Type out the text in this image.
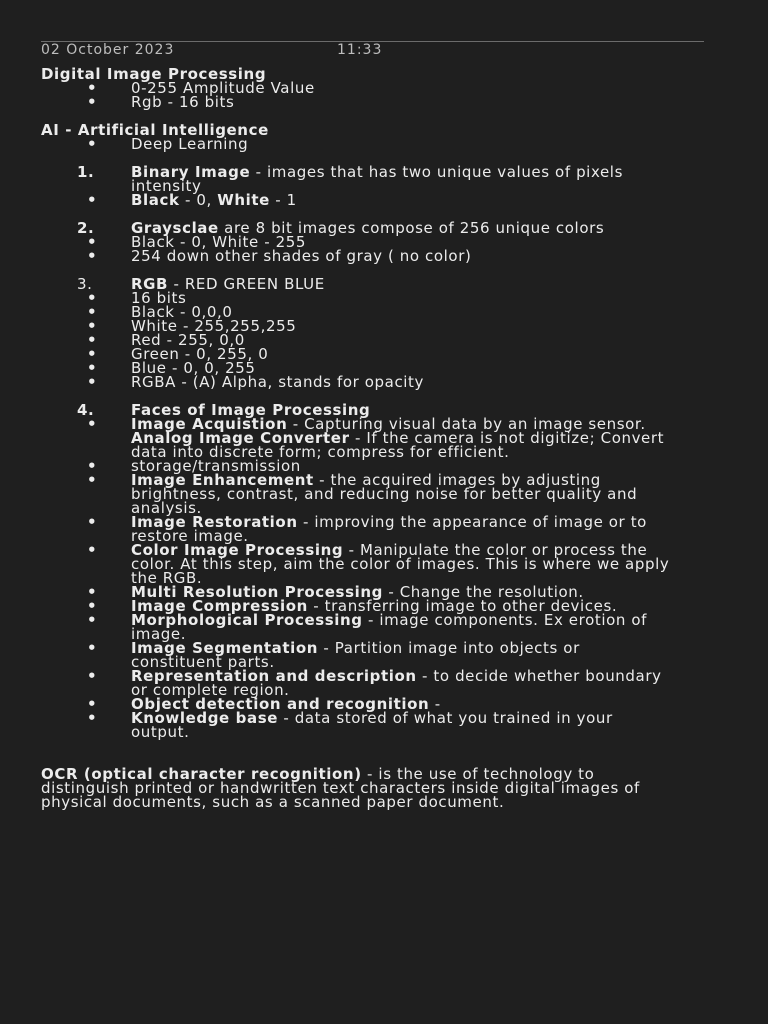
02 October 2023	11:33

Digital Image Processing

• 0-255 Amplitude Value
• Rgb - 16 bits

AI - Artificial Intelligence

• Deep Learning
1. Binary Image - images that has two unique values of pixels intensity
• Black - 0, White - 1
2. Graysclae are 8 bit images compose of 256 unique colors
• Black - 0, White - 255
• 254 down other shades of gray ( no color)
3.	RGB - RED GREEN BLUE
• 16 bits
• Black - 0,0,0
• White - 255,255,255
• Red - 255, 0,0
• Green - 0, 255, 0
• Blue - 0, 0, 255
• RGBA - (A) Alpha, stands for opacity
4. Faces of Image Processing
• Image Acquistion - Capturing visual data by an image sensor.
Analog Image Converter - If the camera is not digitize; Convert data into discrete form; compress for efficient.
• storage/transmission
• Image Enhancement - the acquired images by adjusting brightness, contrast, and reducing noise for better quality and analysis.
• Image Restoration - improving the appearance of image or to restore image.
• Color Image Processing - Manipulate the color or process the color. At this step, aim the color of images. This is where we apply the RGB.
• Multi Resolution Processing - Change the resolution.
• Image Compression - transferring image to other devices.
• Morphological Processing - image components. Ex erotion of image.
• Image Segmentation - Partition image into objects or constituent parts.
• Representation and description - to decide whether boundary or complete region.
• Object detection and recognition -
• Knowledge base - data stored of what you trained in your output.

OCR (optical character recognition) - is the use of technology to distinguish printed or handwritten text characters inside digital images of physical documents, such as a scanned paper document.
